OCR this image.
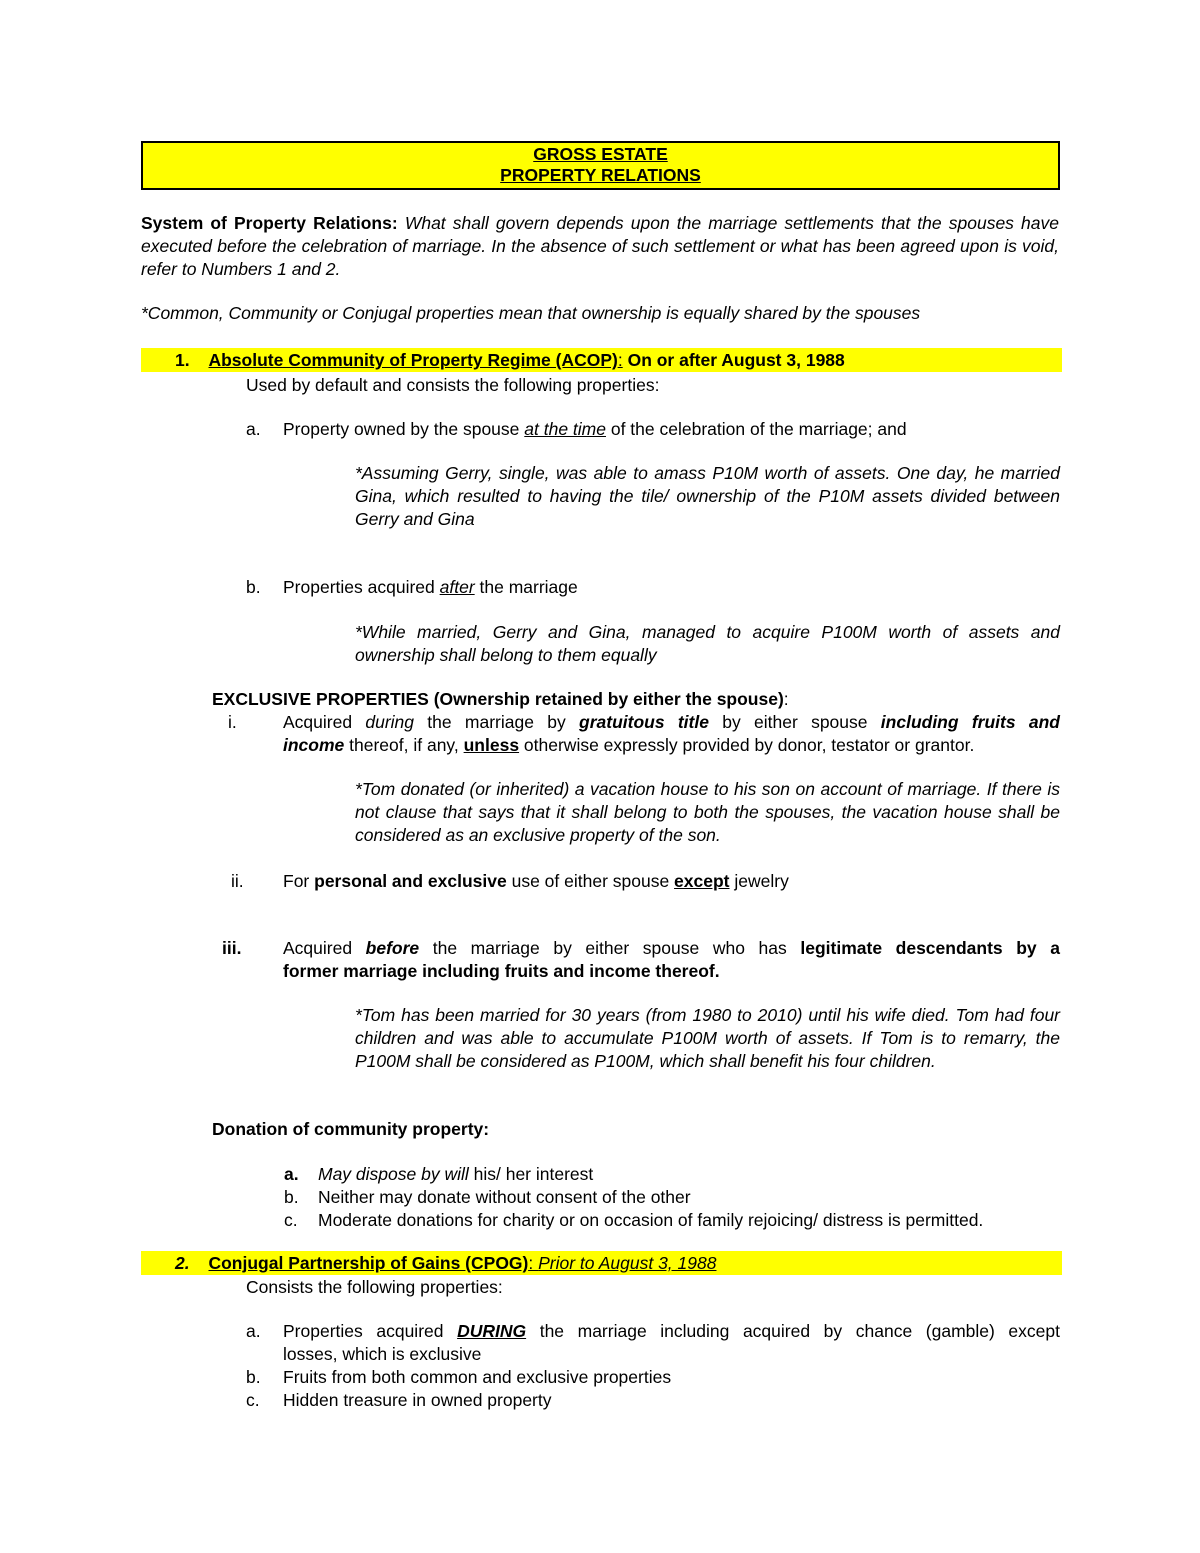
GROSS ESTATE
PROPERTY RELATIONS
System of Property Relations: What shall govern depends upon the marriage settlements that the spouses have executed before the celebration of marriage. In the absence of such settlement or what has been agreed upon is void, refer to Numbers 1 and 2.
*Common, Community or Conjugal properties mean that ownership is equally shared by the spouses
1. Absolute Community of Property Regime (ACOP): On or after August 3, 1988
Used by default and consists the following properties:
a. Property owned by the spouse at the time of the celebration of the marriage; and
*Assuming Gerry, single, was able to amass P10M worth of assets. One day, he married Gina, which resulted to having the tile/ ownership of the P10M assets divided between Gerry and Gina
b. Properties acquired after the marriage
*While married, Gerry and Gina, managed to acquire P100M worth of assets and ownership shall belong to them equally
EXCLUSIVE PROPERTIES (Ownership retained by either the spouse):
i.	Acquired during the marriage by gratuitous title by either spouse including fruits and
income thereof, if any, unless otherwise expressly provided by donor, testator or grantor.
*Tom donated (or inherited) a vacation house to his son on account of marriage. If there is not clause that says that it shall belong to both the spouses, the vacation house shall be considered as an exclusive property of the son.
ii. For personal and exclusive use of either spouse except jewelry
iii. Acquired before the marriage by either spouse who has legitimate descendants by a
former marriage including fruits and income thereof.
*Tom has been married for 30 years (from 1980 to 2010) until his wife died. Tom had four children and was able to accumulate P100M worth of assets. If Tom is to remarry, the P100M shall be considered as P100M, which shall benefit his four children.
Donation of community property:
a. May dispose by will his/ her interest
b. Neither may donate without consent of the other
c. Moderate donations for charity or on occasion of family rejoicing/ distress is permitted.
2. Conjugal Partnership of Gains (CPOG): Prior to August 3, 1988
Consists the following properties:
a. Properties acquired DURING the marriage including acquired by chance (gamble) except
losses, which is exclusive
b. Fruits from both common and exclusive properties
c. Hidden treasure in owned property
